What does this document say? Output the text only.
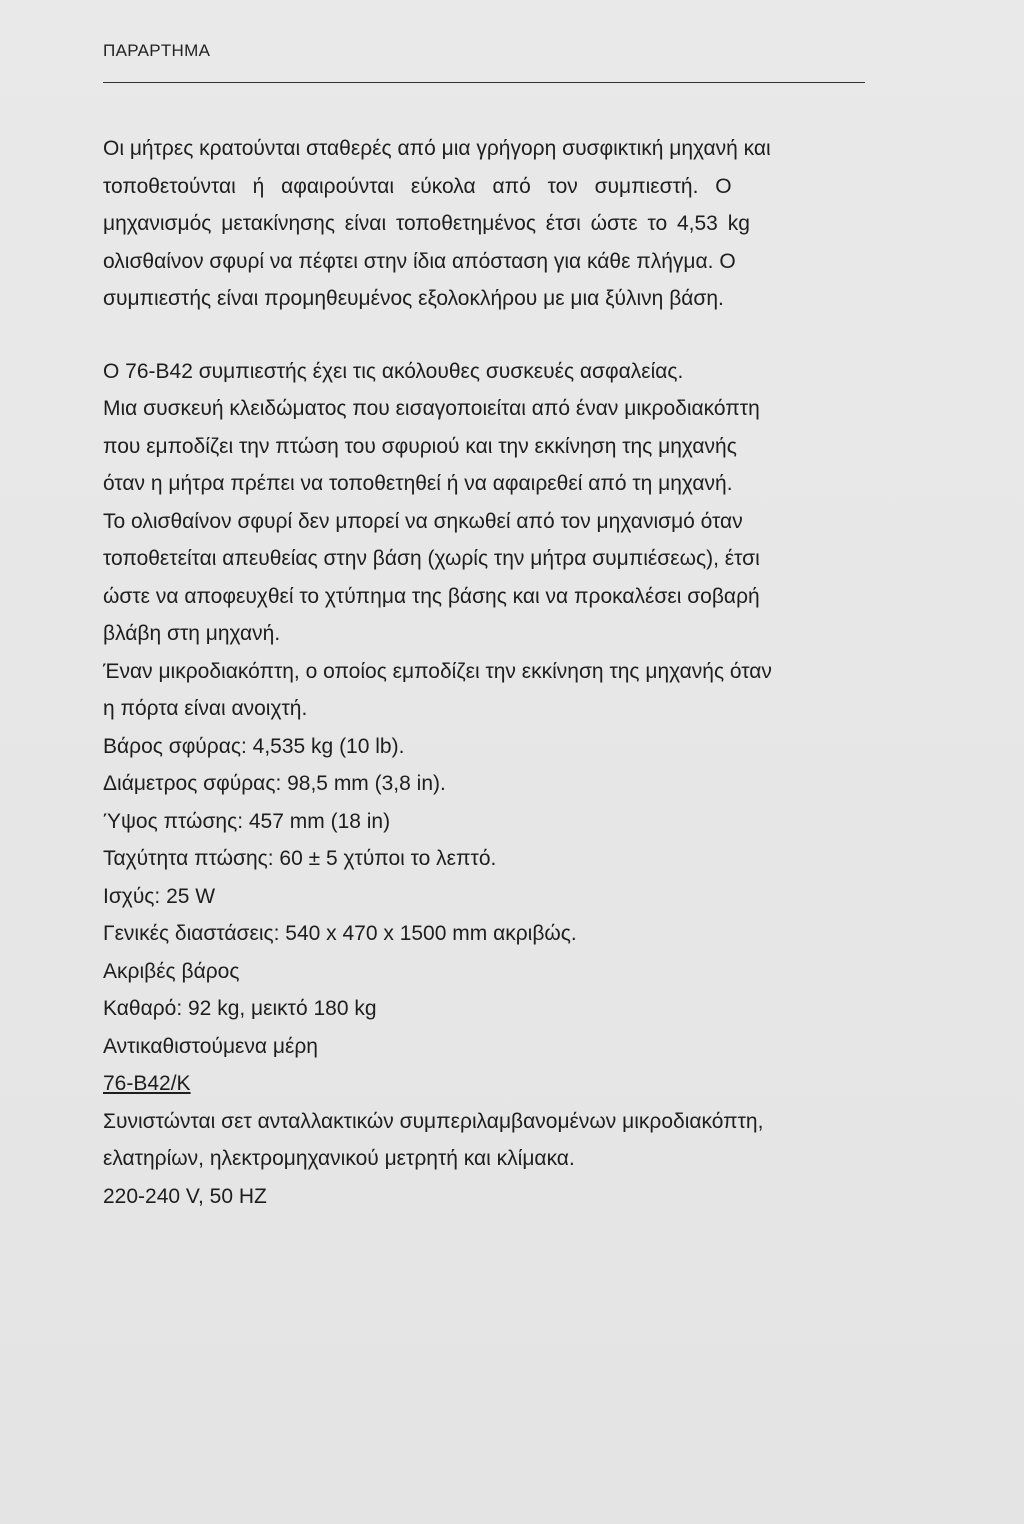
ΠΑΡΑΡΤΗΜΑ

Οι μήτρες κρατούνται σταθερές από μια γρήγορη συσφικτική μηχανή και

τοποθετούνται ή αφαιρούνται εύκολα από τον συμπιεστή. Ο

μηχανισμός μετακίνησης είναι τοποθετημένος έτσι ώστε το 4,53 kg

ολισθαίνον σφυρί να πέφτει στην ίδια απόσταση για κάθε πλήγμα. Ο

συμπιεστής είναι προμηθευμένος εξολοκλήρου με μια ξύλινη βάση.

Ο 76-Β42 συμπιεστής έχει τις ακόλουθες συσκευές ασφαλείας.

Μια συσκευή κλειδώματος που εισαγοποιείται από έναν μικροδιακόπτη

που εμποδίζει την πτώση του σφυριού και την εκκίνηση της μηχανής

όταν η μήτρα πρέπει να τοποθετηθεί ή να αφαιρεθεί από τη μηχανή.

Το ολισθαίνον σφυρί δεν μπορεί να σηκωθεί από τον μηχανισμό όταν

τοποθετείται απευθείας στην βάση (χωρίς την μήτρα συμπιέσεως), έτσι

ώστε να αποφευχθεί το χτύπημα της βάσης και να προκαλέσει σοβαρή

βλάβη στη μηχανή.

Έναν μικροδιακόπτη, ο οποίος εμποδίζει την εκκίνηση της μηχανής όταν

η πόρτα είναι ανοιχτή.

Βάρος σφύρας: 4,535 kg (10 lb).

Διάμετρος σφύρας: 98,5 mm (3,8 in).

Ύψος πτώσης: 457 mm (18 in)

Ταχύτητα πτώσης: 60 ± 5 χτύποι το λεπτό.

Ισχύς: 25 W

Γενικές διαστάσεις: 540 x 470 x 1500 mm ακριβώς.

Ακριβές βάρος

Καθαρό: 92 kg, μεικτό 180 kg

Αντικαθιστούμενα μέρη

76-Β42/Κ

Συνιστώνται σετ ανταλλακτικών συμπεριλαμβανομένων μικροδιακόπτη,

ελατηρίων, ηλεκτρομηχανικού μετρητή και κλίμακα.

220-240 V, 50 HZ
